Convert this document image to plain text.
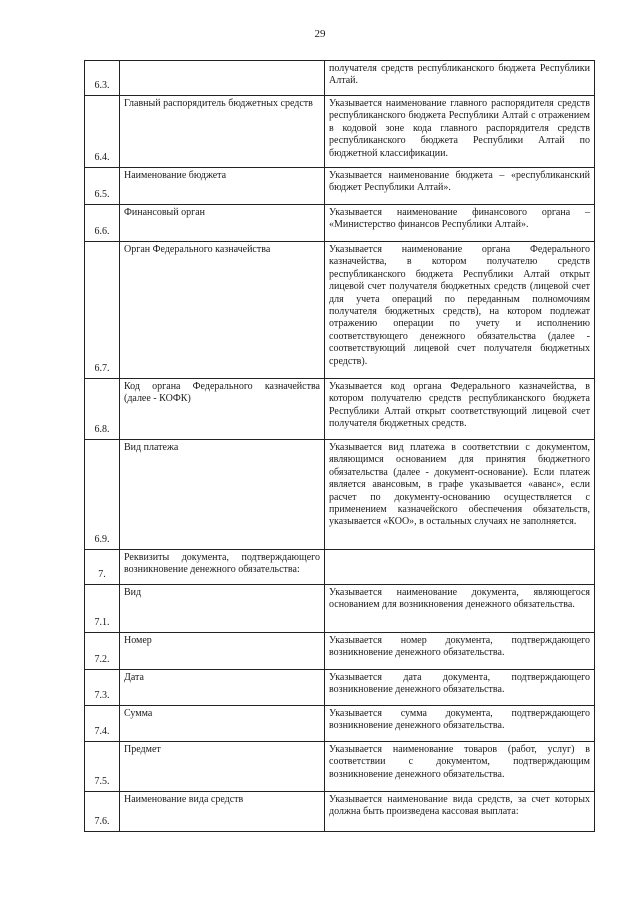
29
6.3.		получателя средств республиканского бюджета Республики Алтай.
6.4.	Главный распорядитель бюджетных средств	Указывается наименование главного распорядителя средств республиканского бюджета Республики Алтай с отражением в кодовой зоне кода главного распорядителя средств республиканского бюджета Республики Алтай по бюджетной классификации.
6.5.	Наименование бюджета	Указывается наименование бюджета – «республиканский бюджет Республики Алтай».
6.6.	Финансовый орган	Указывается наименование финансового органа – «Министерство финансов Республики Алтай».
6.7.	Орган Федерального казначейства	Указывается наименование органа Федерального казначейства, в котором получателю средств республиканского бюджета Республики Алтай открыт лицевой счет получателя бюджетных средств (лицевой счет для учета операций по переданным полномочиям получателя бюджетных средств), на котором подлежат отражению операции по учету и исполнению соответствующего денежного обязательства (далее - соответствующий лицевой счет получателя бюджетных средств).
6.8.	Код органа Федерального казначейства (далее - КОФК)	Указывается код органа Федерального казначейства, в котором получателю средств республиканского бюджета Республики Алтай открыт соответствующий лицевой счет получателя бюджетных средств.
6.9.	Вид платежа	Указывается вид платежа в соответствии с документом, являющимся основанием для принятия бюджетного обязательства (далее - документ-основание). Если платеж является авансовым, в графе указывается «аванс», если расчет по документу-основанию осуществляется с применением казначейского обеспечения обязательств, указывается «КОО», в остальных случаях не заполняется.
7.	Реквизиты документа, подтверждающего возникновение денежного обязательства:	
7.1.	Вид	Указывается наименование документа, являющегося основанием для возникновения денежного обязательства.
7.2.	Номер	Указывается номер документа, подтверждающего возникновение денежного обязательства.
7.3.	Дата	Указывается дата документа, подтверждающего возникновение денежного обязательства.
7.4.	Сумма	Указывается сумма документа, подтверждающего возникновение денежного обязательства.
7.5.	Предмет	Указывается наименование товаров (работ, услуг) в соответствии с документом, подтверждающим возникновение денежного обязательства.
7.6.	Наименование вида средств	Указывается наименование вида средств, за счет которых должна быть произведена кассовая выплата:
